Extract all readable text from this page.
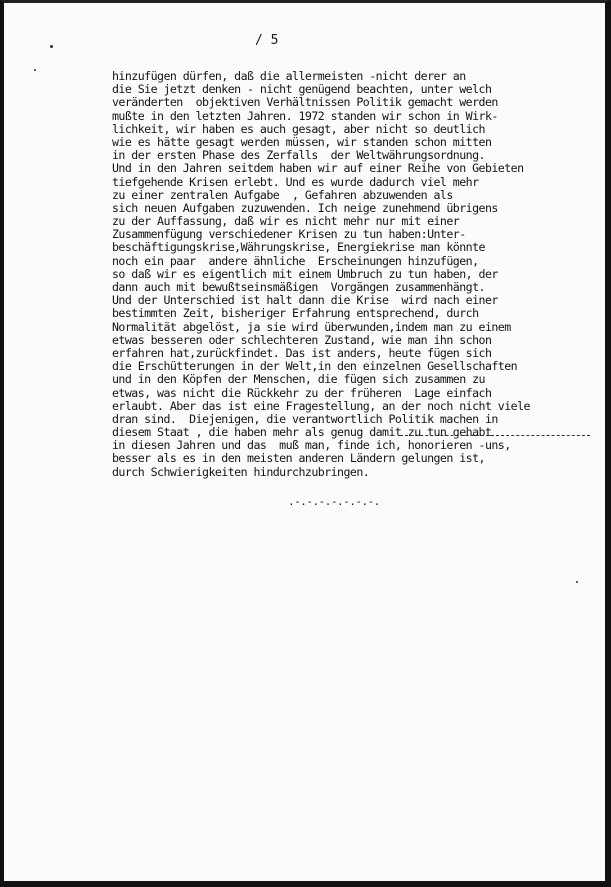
/ 5
hinzufügen dürfen, daß die allermeisten -nicht derer an
die Sie jetzt denken - nicht genügend beachten, unter welch
veränderten  objektiven Verhältnissen Politik gemacht werden
mußte in den letzten Jahren. 1972 standen wir schon in Wirk-
lichkeit, wir haben es auch gesagt, aber nicht so deutlich
wie es hätte gesagt werden müssen, wir standen schon mitten
in der ersten Phase des Zerfalls  der Weltwährungsordnung.
Und in den Jahren seitdem haben wir auf einer Reihe von Gebieten
tiefgehende Krisen erlebt. Und es wurde dadurch viel mehr
zu einer zentralen Aufgabe  , Gefahren abzuwenden als
sich neuen Aufgaben zuzuwenden. Ich neige zunehmend übrigens
zu der Auffassung, daß wir es nicht mehr nur mit einer
Zusammenfügung verschiedener Krisen zu tun haben:Unter-
beschäftigungskrise,Währungskrise, Energiekrise man könnte
noch ein paar  andere ähnliche  Erscheinungen hinzufügen,
so daß wir es eigentlich mit einem Umbruch zu tun haben, der
dann auch mit bewußtseinsmäßigen  Vorgängen zusammenhängt.
Und der Unterschied ist halt dann die Krise  wird nach einer
bestimmten Zeit, bisheriger Erfahrung entsprechend, durch
Normalität abgelöst, ja sie wird überwunden,indem man zu einem
etwas besseren oder schlechteren Zustand, wie man ihn schon
erfahren hat,zurückfindet. Das ist anders, heute fügen sich
die Erschütterungen in der Welt,in den einzelnen Gesellschaften
und in den Köpfen der Menschen, die fügen sich zusammen zu
etwas, was nicht die Rückkehr zu der früheren  Lage einfach
erlaubt. Aber das ist eine Fragestellung, an der noch nicht viele
dran sind.  Diejenigen, die verantwortlich Politik machen in
diesem Staat , die haben mehr als genug damit zu tun gehabt
in diesen Jahren und das  muß man, finde ich, honorieren -uns,
besser als es in den meisten anderen Ländern gelungen ist,
durch Schwierigkeiten hindurchzubringen.
.-.-.-.-.-.-.-.
